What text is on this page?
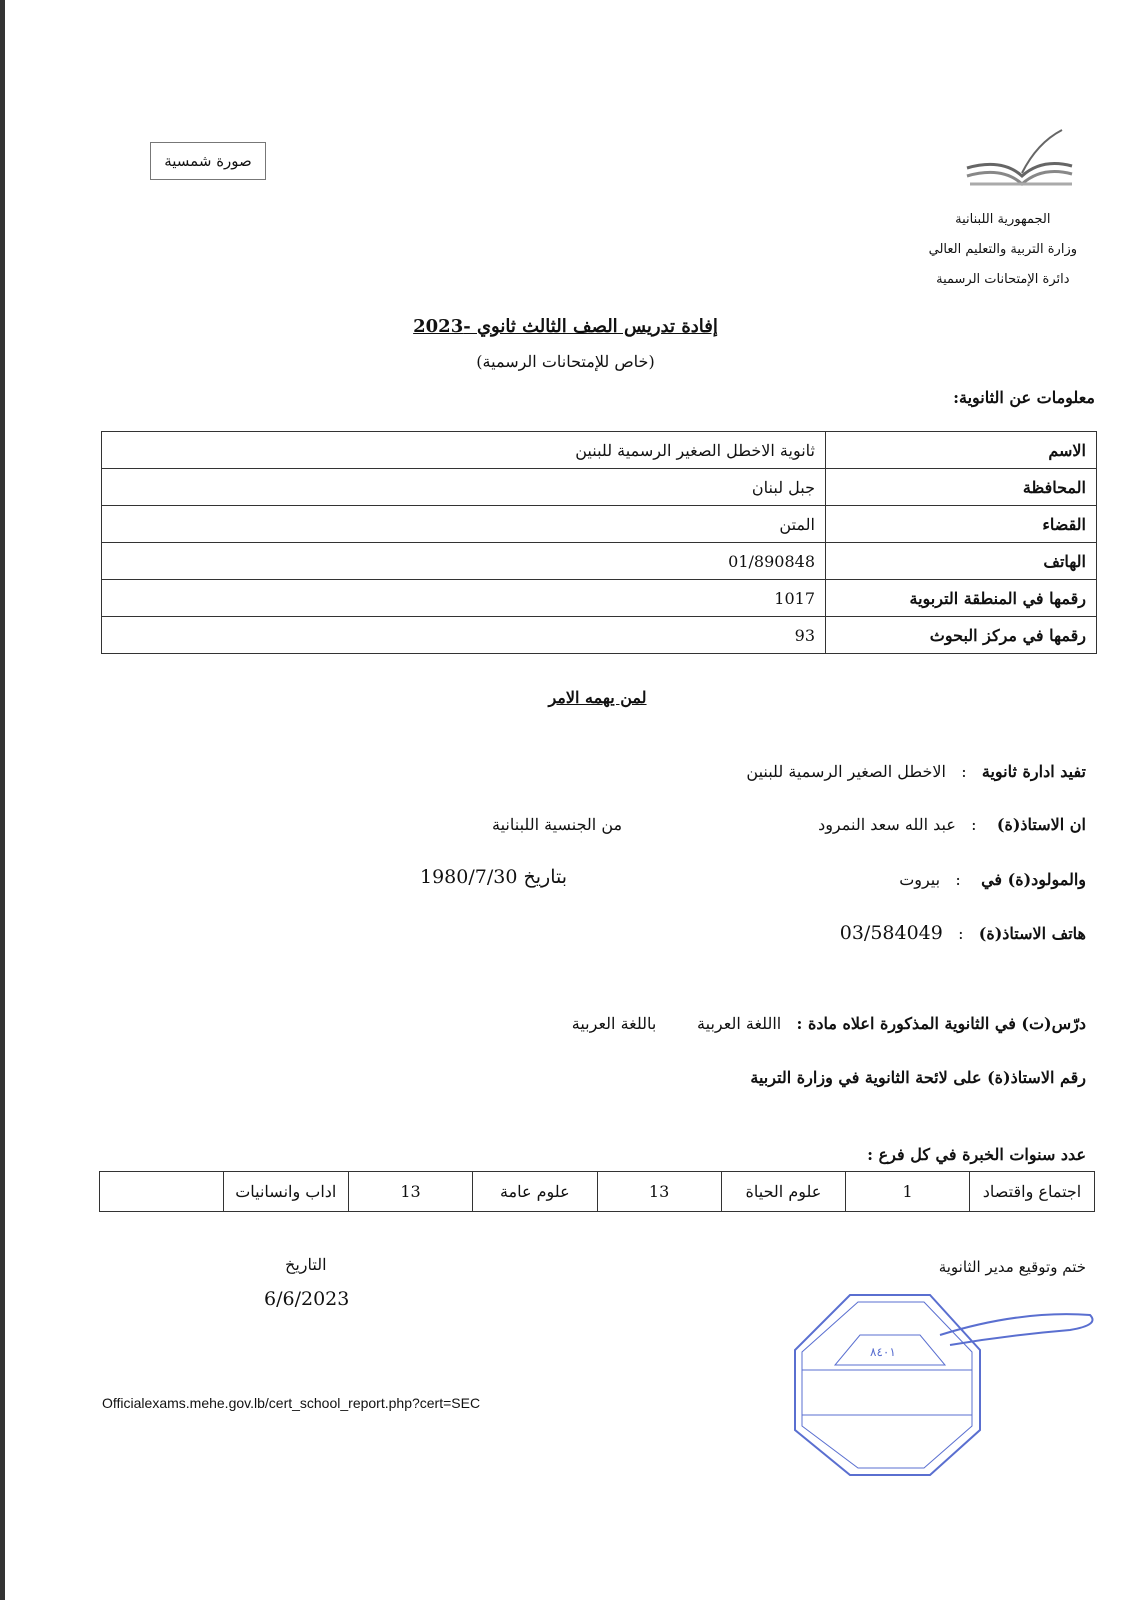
صورة شمسية
الجمهورية اللبنانية
وزارة التربية والتعليم العالي
دائرة الإمتحانات الرسمية
إفادة تدريس الصف الثالث ثانوي -2023
(خاص للإمتحانات الرسمية)
معلومات عن الثانوية:
الاسم	ثانوية الاخطل الصغير الرسمية للبنين
المحافظة	جبل لبنان
القضاء	المتن
الهاتف	01/890848
رقمها في المنطقة التربوية	1017
رقمها في مركز البحوث	93
لمن يهمه الامر
تفيد ادارة ثانوية   :   الاخطل الصغير الرسمية للبنين
ان الاستاذ(ة)    :   عبد الله سعد النمرود
من الجنسية اللبنانية
والمولود(ة) في    :   بيروت
بتاريخ 1980/7/30
هاتف الاستاذ(ة)   :   03/584049
درّس(ت) في الثانوية المذكورة اعلاه مادة :   االلغة العربية        باللغة العربية
رقم الاستاذ(ة) على لائحة الثانوية في وزارة التربية
عدد سنوات الخبرة في كل فرع :
اجتماع واقتصاد	1	علوم الحياة	13	علوم عامة	13	اداب وانسانيات	
ختم وتوقيع مدير الثانوية
التاريخ
6/6/2023
٨٤٠١
Officialexams.mehe.gov.lb/cert_school_report.php?cert=SEC
